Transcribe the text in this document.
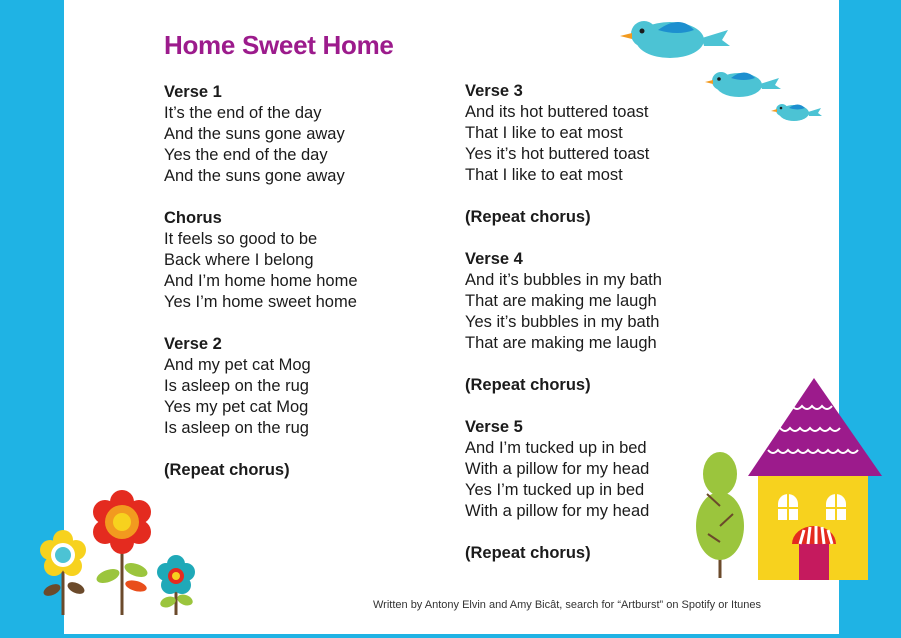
Home Sweet Home
Verse 1
It’s the end of the day
And the suns gone away
Yes the end of the day
And the suns gone away
Chorus
It feels so good to be
Back where I belong
And I’m home home home
Yes I’m home sweet home
Verse 2
And my pet cat Mog
Is asleep on the rug
Yes my pet cat Mog
Is asleep on the rug
(Repeat chorus)
Verse 3
And its hot buttered toast
That I like to eat most
Yes it’s hot buttered toast
That I like to eat most
(Repeat chorus)
Verse 4
And it’s bubbles in my bath
That are making me laugh
Yes it’s bubbles in my bath
That are making me laugh
(Repeat chorus)
Verse 5
And I’m tucked up in bed
With a pillow for my head
Yes I’m tucked up in bed
With a pillow for my head
(Repeat chorus)
Written by Antony Elvin and Amy Bicât, search for “Artburst” on Spotify or Itunes
